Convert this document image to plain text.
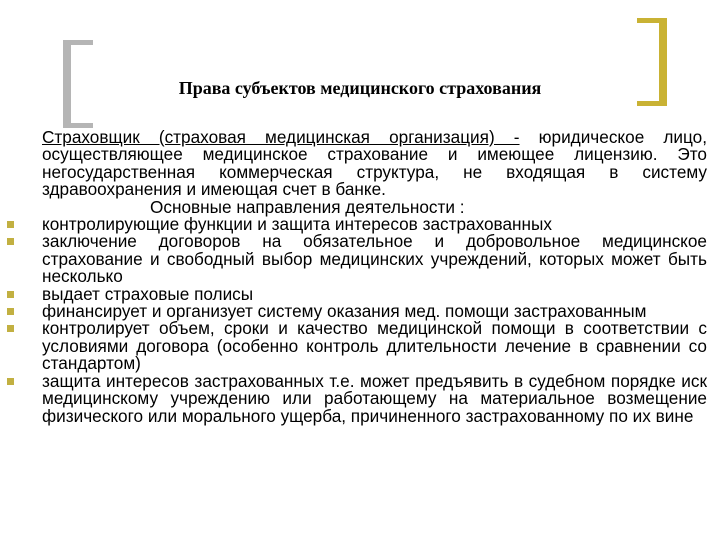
Права субъектов медицинского страхования

Страховщик (страховая медицинская организация) - юридическое лицо, осуществляющее медицинское страхование и имеющее лицензию. Это негосударственная коммерческая структура, не входящая в систему здравоохранения и имеющая счет в банке.

Основные направления деятельности :

контролирующие функции и защита интересов застрахованных
заключение договоров на обязательное и добровольное медицинское страхование и свободный выбор медицинских учреждений, которых может быть несколько
выдает страховые полисы
финансирует и организует систему оказания мед. помощи застрахованным
контролирует объем, сроки и качество медицинской помощи в соответствии с условиями договора (особенно контроль длительности лечение в сравнении со стандартом)
защита интересов застрахованных т.е. может предъявить в судебном порядке иск медицинскому учреждению или работающему на материальное возмещение физического или морального ущерба, причиненного застрахованному по их вине
